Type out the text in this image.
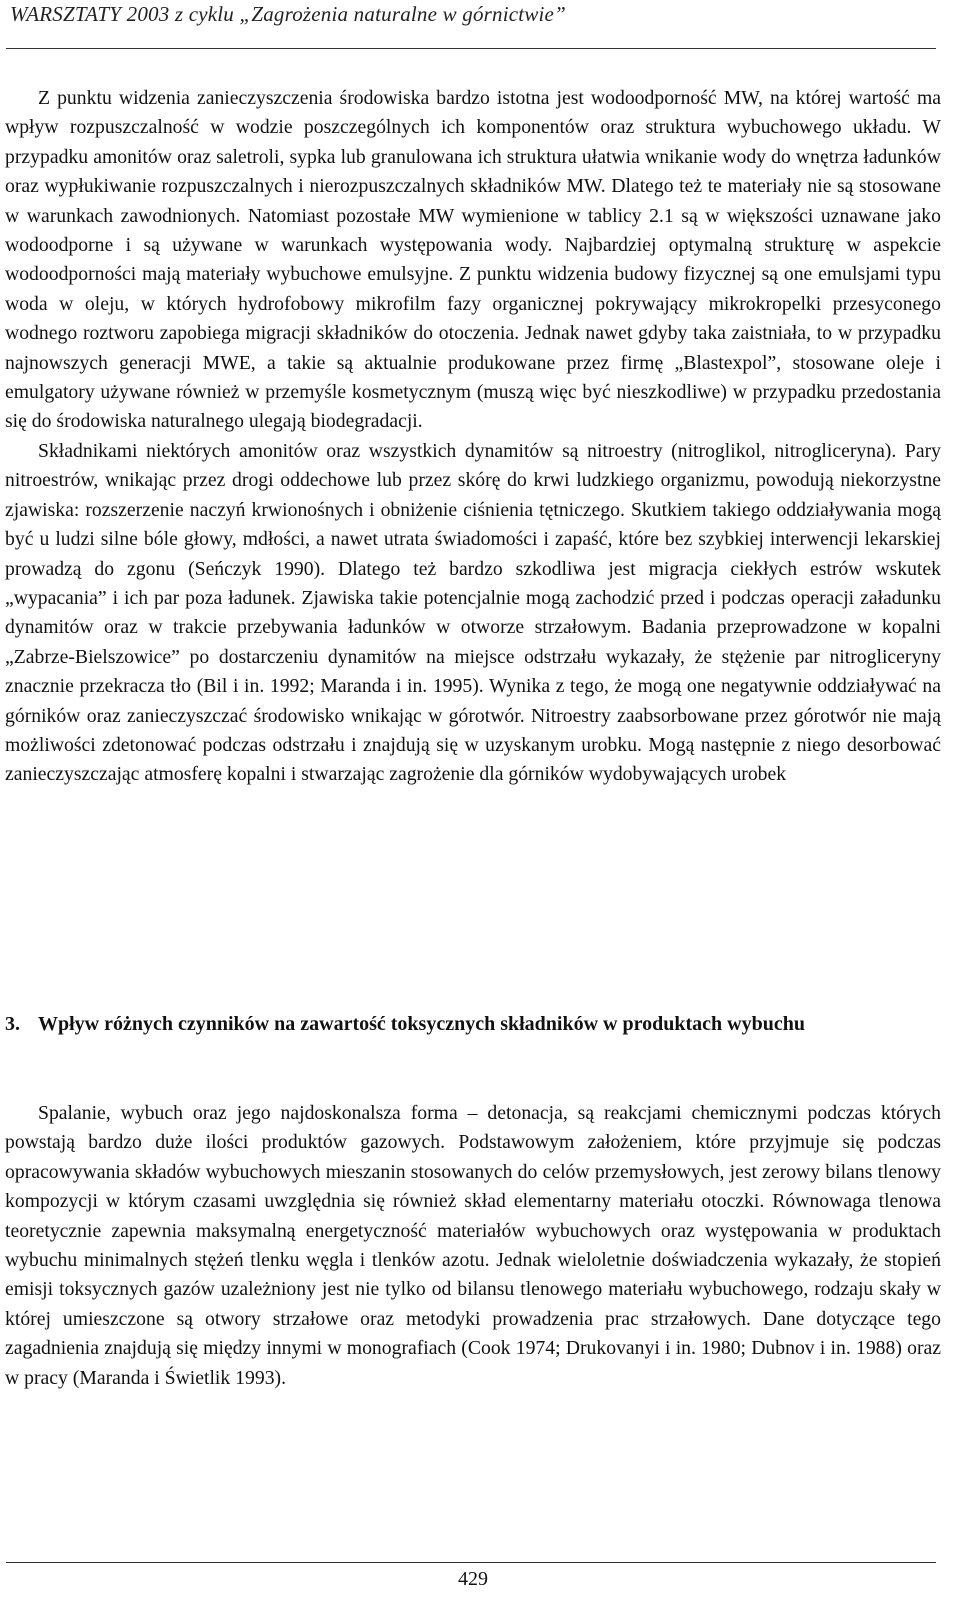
WARSZTATY 2003 z cyklu „Zagrożenia naturalne w górnictwie”

Z punktu widzenia zanieczyszczenia środowiska bardzo istotna jest wodoodporność MW, na której wartość ma wpływ rozpuszczalność w wodzie poszczególnych ich komponentów oraz struktura wybuchowego układu. W przypadku amonitów oraz saletroli, sypka lub granulowana ich struktura ułatwia wnikanie wody do wnętrza ładunków oraz wypłukiwanie rozpuszczalnych i nierozpuszczalnych składników MW. Dlatego też te materiały nie są stosowane w warunkach zawodnionych. Natomiast pozostałe MW wymienione w tablicy 2.1 są w większości uznawane jako wodoodporne i są używane w warunkach występowania wody. Najbardziej optymalną strukturę w aspekcie wodoodporności mają materiały wybuchowe emulsyjne. Z punktu widzenia budowy fizycznej są one emulsjami typu woda w oleju, w których hydrofobowy mikrofilm fazy organicznej pokrywający mikrokropelki przesyconego wodnego roztworu zapobiega migracji składników do otoczenia. Jednak nawet gdyby taka zaistniała, to w przypadku najnowszych generacji MWE, a takie są aktualnie produkowane przez firmę „Blastexpol”, stosowane oleje i emulgatory używane również w przemyśle kosmetycznym (muszą więc być nieszkodliwe) w przypadku przedostania się do środowiska naturalnego ulegają biodegradacji.

Składnikami niektórych amonitów oraz wszystkich dynamitów są nitroestry (nitroglikol, nitrogliceryna). Pary nitroestrów, wnikając przez drogi oddechowe lub przez skórę do krwi ludzkiego organizmu, powodują niekorzystne zjawiska: rozszerzenie naczyń krwionośnych i obniżenie ciśnienia tętniczego. Skutkiem takiego oddziaływania mogą być u ludzi silne bóle głowy, mdłości, a nawet utrata świadomości i zapaść, które bez szybkiej interwencji lekarskiej prowadzą do zgonu (Seńczyk 1990). Dlatego też bardzo szkodliwa jest migracja ciekłych estrów wskutek „wypacania” i ich par poza ładunek. Zjawiska takie potencjalnie mogą zachodzić przed i podczas operacji załadunku dynamitów oraz w trakcie przebywania ładunków w otworze strzałowym. Badania przeprowadzone w kopalni „Zabrze-Bielszowice” po dostarczeniu dynamitów na miejsce odstrzału wykazały, że stężenie par nitrogliceryny znacznie przekracza tło (Bil i in. 1992; Maranda i in. 1995). Wynika z tego, że mogą one negatywnie oddziaływać na górników oraz zanieczyszczać środowisko wnikając w górotwór. Nitroestry zaabsorbowane przez górotwór nie mają możliwości zdetonować podczas odstrzału i znajdują się w uzyskanym urobku. Mogą następnie z niego desorbować zanieczyszczając atmosferę kopalni i stwarzając zagrożenie dla górników wydobywających urobek

3. Wpływ różnych czynników na zawartość toksycznych składników w produktach wybuchu

Spalanie, wybuch oraz jego najdoskonalsza forma – detonacja, są reakcjami chemicznymi podczas których powstają bardzo duże ilości produktów gazowych. Podstawowym założeniem, które przyjmuje się podczas opracowywania składów wybuchowych mieszanin stosowanych do celów przemysłowych, jest zerowy bilans tlenowy kompozycji w którym czasami uwzględnia się również skład elementarny materiału otoczki. Równowaga tlenowa teoretycznie zapewnia maksymalną energetyczność materiałów wybuchowych oraz występowania w produktach wybuchu minimalnych stężeń tlenku węgla i tlenków azotu. Jednak wieloletnie doświadczenia wykazały, że stopień emisji toksycznych gazów uzależniony jest nie tylko od bilansu tlenowego materiału wybuchowego, rodzaju skały w której umieszczone są otwory strzałowe oraz metodyki prowadzenia prac strzałowych. Dane dotyczące tego zagadnienia znajdują się między innymi w monografiach (Cook 1974; Drukovanyi i in. 1980; Dubnov i in. 1988) oraz w pracy (Maranda i Świetlik 1993).

429
